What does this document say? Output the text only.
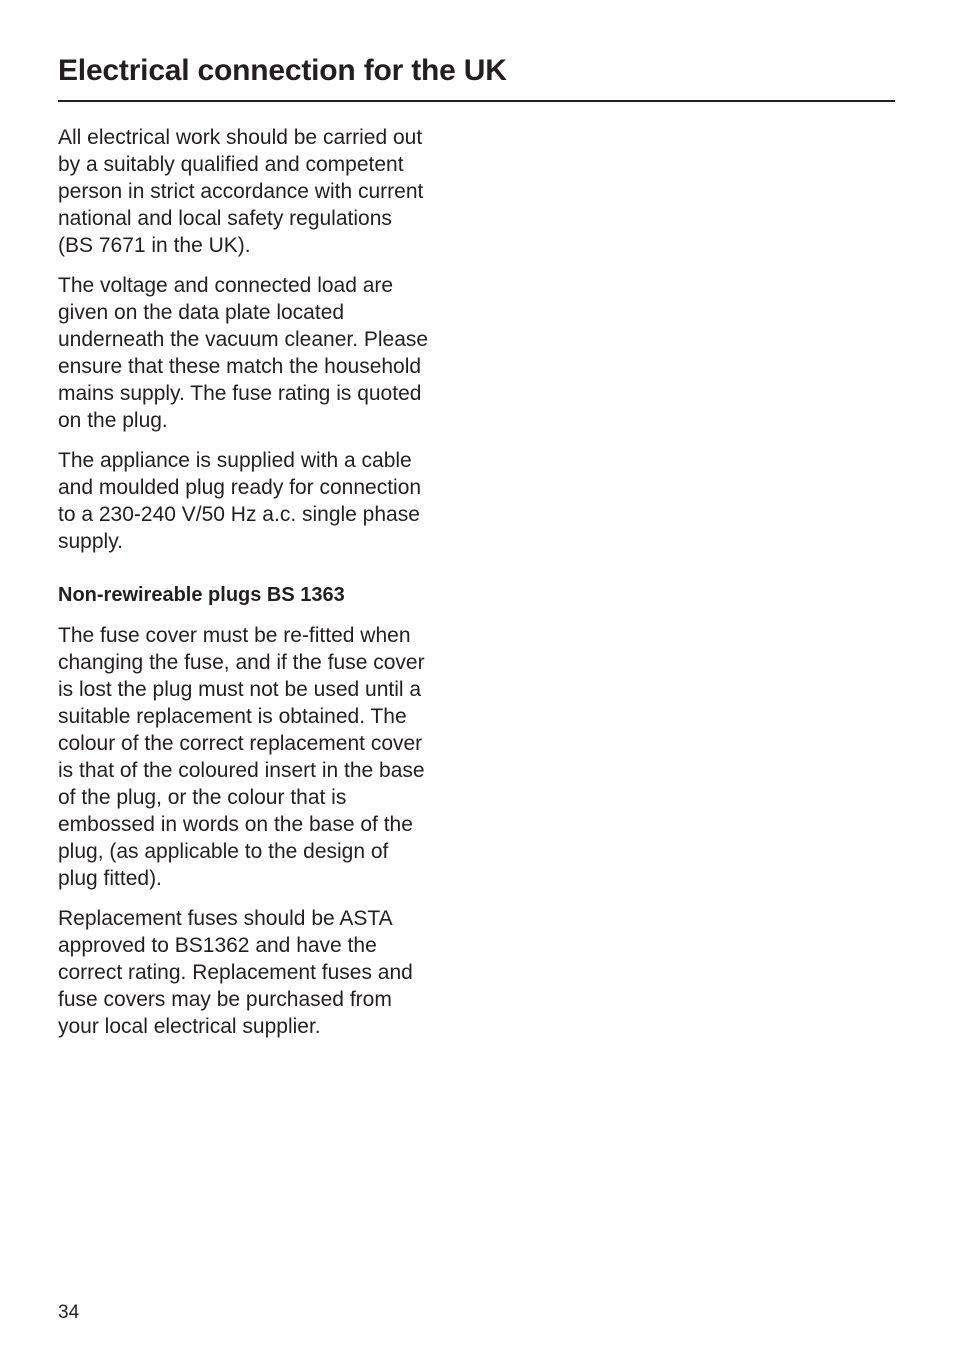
Electrical connection for the UK

All electrical work should be carried out
by a suitably qualified and competent
person in strict accordance with current
national and local safety regulations
(BS 7671 in the UK).

The voltage and connected load are
given on the data plate located
underneath the vacuum cleaner. Please
ensure that these match the household
mains supply. The fuse rating is quoted
on the plug.

The appliance is supplied with a cable
and moulded plug ready for connection
to a 230-240 V/50 Hz a.c. single phase
supply.

Non-rewireable plugs BS 1363

The fuse cover must be re-fitted when
changing the fuse, and if the fuse cover
is lost the plug must not be used until a
suitable replacement is obtained. The
colour of the correct replacement cover
is that of the coloured insert in the base
of the plug, or the colour that is
embossed in words on the base of the
plug, (as applicable to the design of
plug fitted).

Replacement fuses should be ASTA
approved to BS1362 and have the
correct rating. Replacement fuses and
fuse covers may be purchased from
your local electrical supplier.

34
